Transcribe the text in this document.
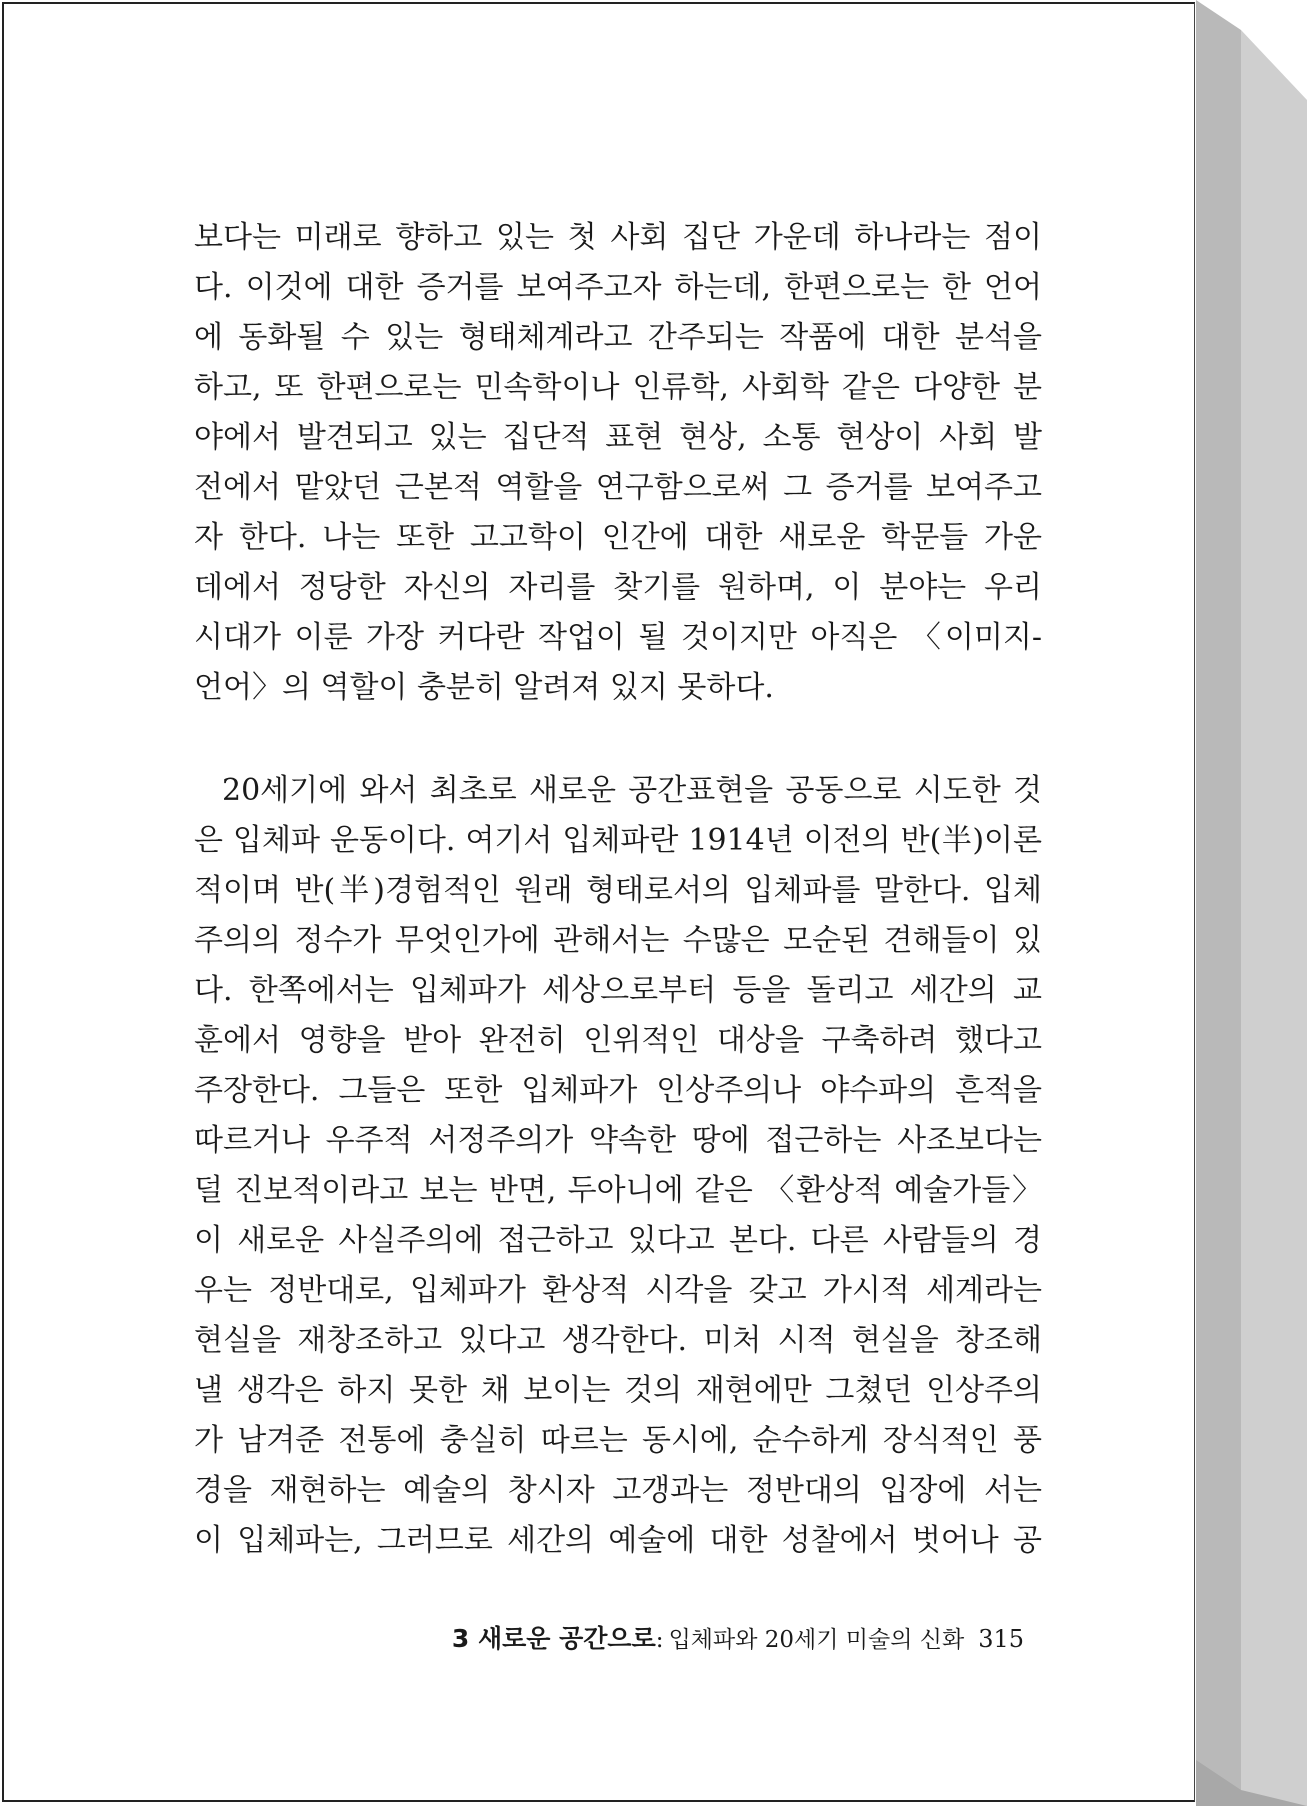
보다는 미래로 향하고 있는 첫 사회 집단 가운데 하나라는 점이
다. 이것에 대한 증거를 보여주고자 하는데, 한편으로는 한 언어
에 동화될 수 있는 형태체계라고 간주되는 작품에 대한 분석을
하고, 또 한편으로는 민속학이나 인류학, 사회학 같은 다양한 분
야에서 발견되고 있는 집단적 표현 현상, 소통 현상이 사회 발
전에서 맡았던 근본적 역할을 연구함으로써 그 증거를 보여주고
자 한다. 나는 또한 고고학이 인간에 대한 새로운 학문들 가운
데에서 정당한 자신의 자리를 찾기를 원하며, 이 분야는 우리
시대가 이룬 가장 커다란 작업이 될 것이지만 아직은 〈이미지-
언어〉의 역할이 충분히 알려져 있지 못하다.
20세기에 와서 최초로 새로운 공간표현을 공동으로 시도한 것
은 입체파 운동이다. 여기서 입체파란 1914년 이전의 반(半)이론
적이며 반(半)경험적인 원래 형태로서의 입체파를 말한다. 입체
주의의 정수가 무엇인가에 관해서는 수많은 모순된 견해들이 있
다. 한쪽에서는 입체파가 세상으로부터 등을 돌리고 세간의 교
훈에서 영향을 받아 완전히 인위적인 대상을 구축하려 했다고
주장한다. 그들은 또한 입체파가 인상주의나 야수파의 흔적을
따르거나 우주적 서정주의가 약속한 땅에 접근하는 사조보다는
덜 진보적이라고 보는 반면, 두아니에 같은 〈환상적 예술가들〉
이 새로운 사실주의에 접근하고 있다고 본다. 다른 사람들의 경
우는 정반대로, 입체파가 환상적 시각을 갖고 가시적 세계라는
현실을 재창조하고 있다고 생각한다. 미처 시적 현실을 창조해
낼 생각은 하지 못한 채 보이는 것의 재현에만 그쳤던 인상주의
가 남겨준 전통에 충실히 따르는 동시에, 순수하게 장식적인 풍
경을 재현하는 예술의 창시자 고갱과는 정반대의 입장에 서는
이 입체파는, 그러므로 세간의 예술에 대한 성찰에서 벗어나 공
3 새로운 공간으로: 입체파와 20세기 미술의 신화 315
